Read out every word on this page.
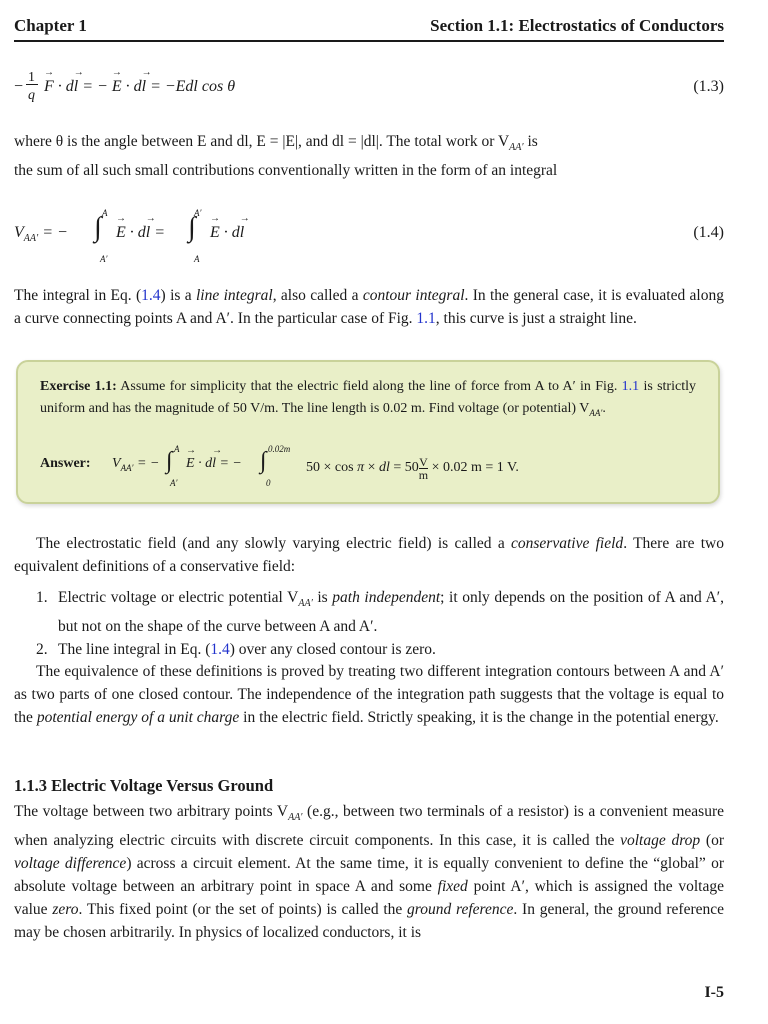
Chapter 1	Section 1.1: Electrostatics of Conductors
−
1
q
F → · dl → = − E → · dl → = −Edl cos θ	(1.3)

where θ is the angle between E and dl, E = |E|, and dl = |dl|. The total work or $V_{AA'}$ is

the sum of all such small contributions conventionally written in the form of an integral

$V_{AA'}$ = −
A
∫
A′
E → · dl → =
A′
∫
A
E → · dl →	(1.4)

The integral in Eq. (1.4) is a line integral, also called a contour integral. In the general case, it is evaluated along a curve connecting points A and A′. In the particular case of Fig. 1.1, this curve is just a straight line.

Exercise 1.1: Assume for simplicity that the electric field along the line of force from A to A′ in Fig. 1.1 is strictly uniform and has the magnitude of 50 V/m. The line length is 0.02 m. Find voltage (or potential) $V_{AA'}$.
Answer: $V_{AA'}$ = −
A
∫
A′
E → · dl → = −
0.02m
∫
0
50 × cos π × dl = $50 \frac{V}{m} \times 0.02$ m = 1 V.

The electrostatic field (and any slowly varying electric field) is called a conservative field. There are two equivalent definitions of a conservative field:

1. Electric voltage or electric potential $V_{AA'}$ is path independent; it only depends on the position of A and A′, but not on the shape of the curve between A and A′.
2. The line integral in Eq. (1.4) over any closed contour is zero.

The equivalence of these definitions is proved by treating two different integration contours between A and A′ as two parts of one closed contour. The independence of the integration path suggests that the voltage is equal to the potential energy of a unit charge in the electric field. Strictly speaking, it is the change in the potential energy.

1.1.3 Electric Voltage Versus Ground

The voltage between two arbitrary points $V_{AA'}$ (e.g., between two terminals of a resistor) is a convenient measure when analyzing electric circuits with discrete circuit components. In this case, it is called the voltage drop (or voltage difference) across a circuit element. At the same time, it is equally convenient to define the “global” or absolute voltage between an arbitrary point in space A and some fixed point A′, which is assigned the voltage value zero. This fixed point (or the set of points) is called the ground reference. In general, the ground reference may be chosen arbitrarily. In physics of localized conductors, it is

I-5
